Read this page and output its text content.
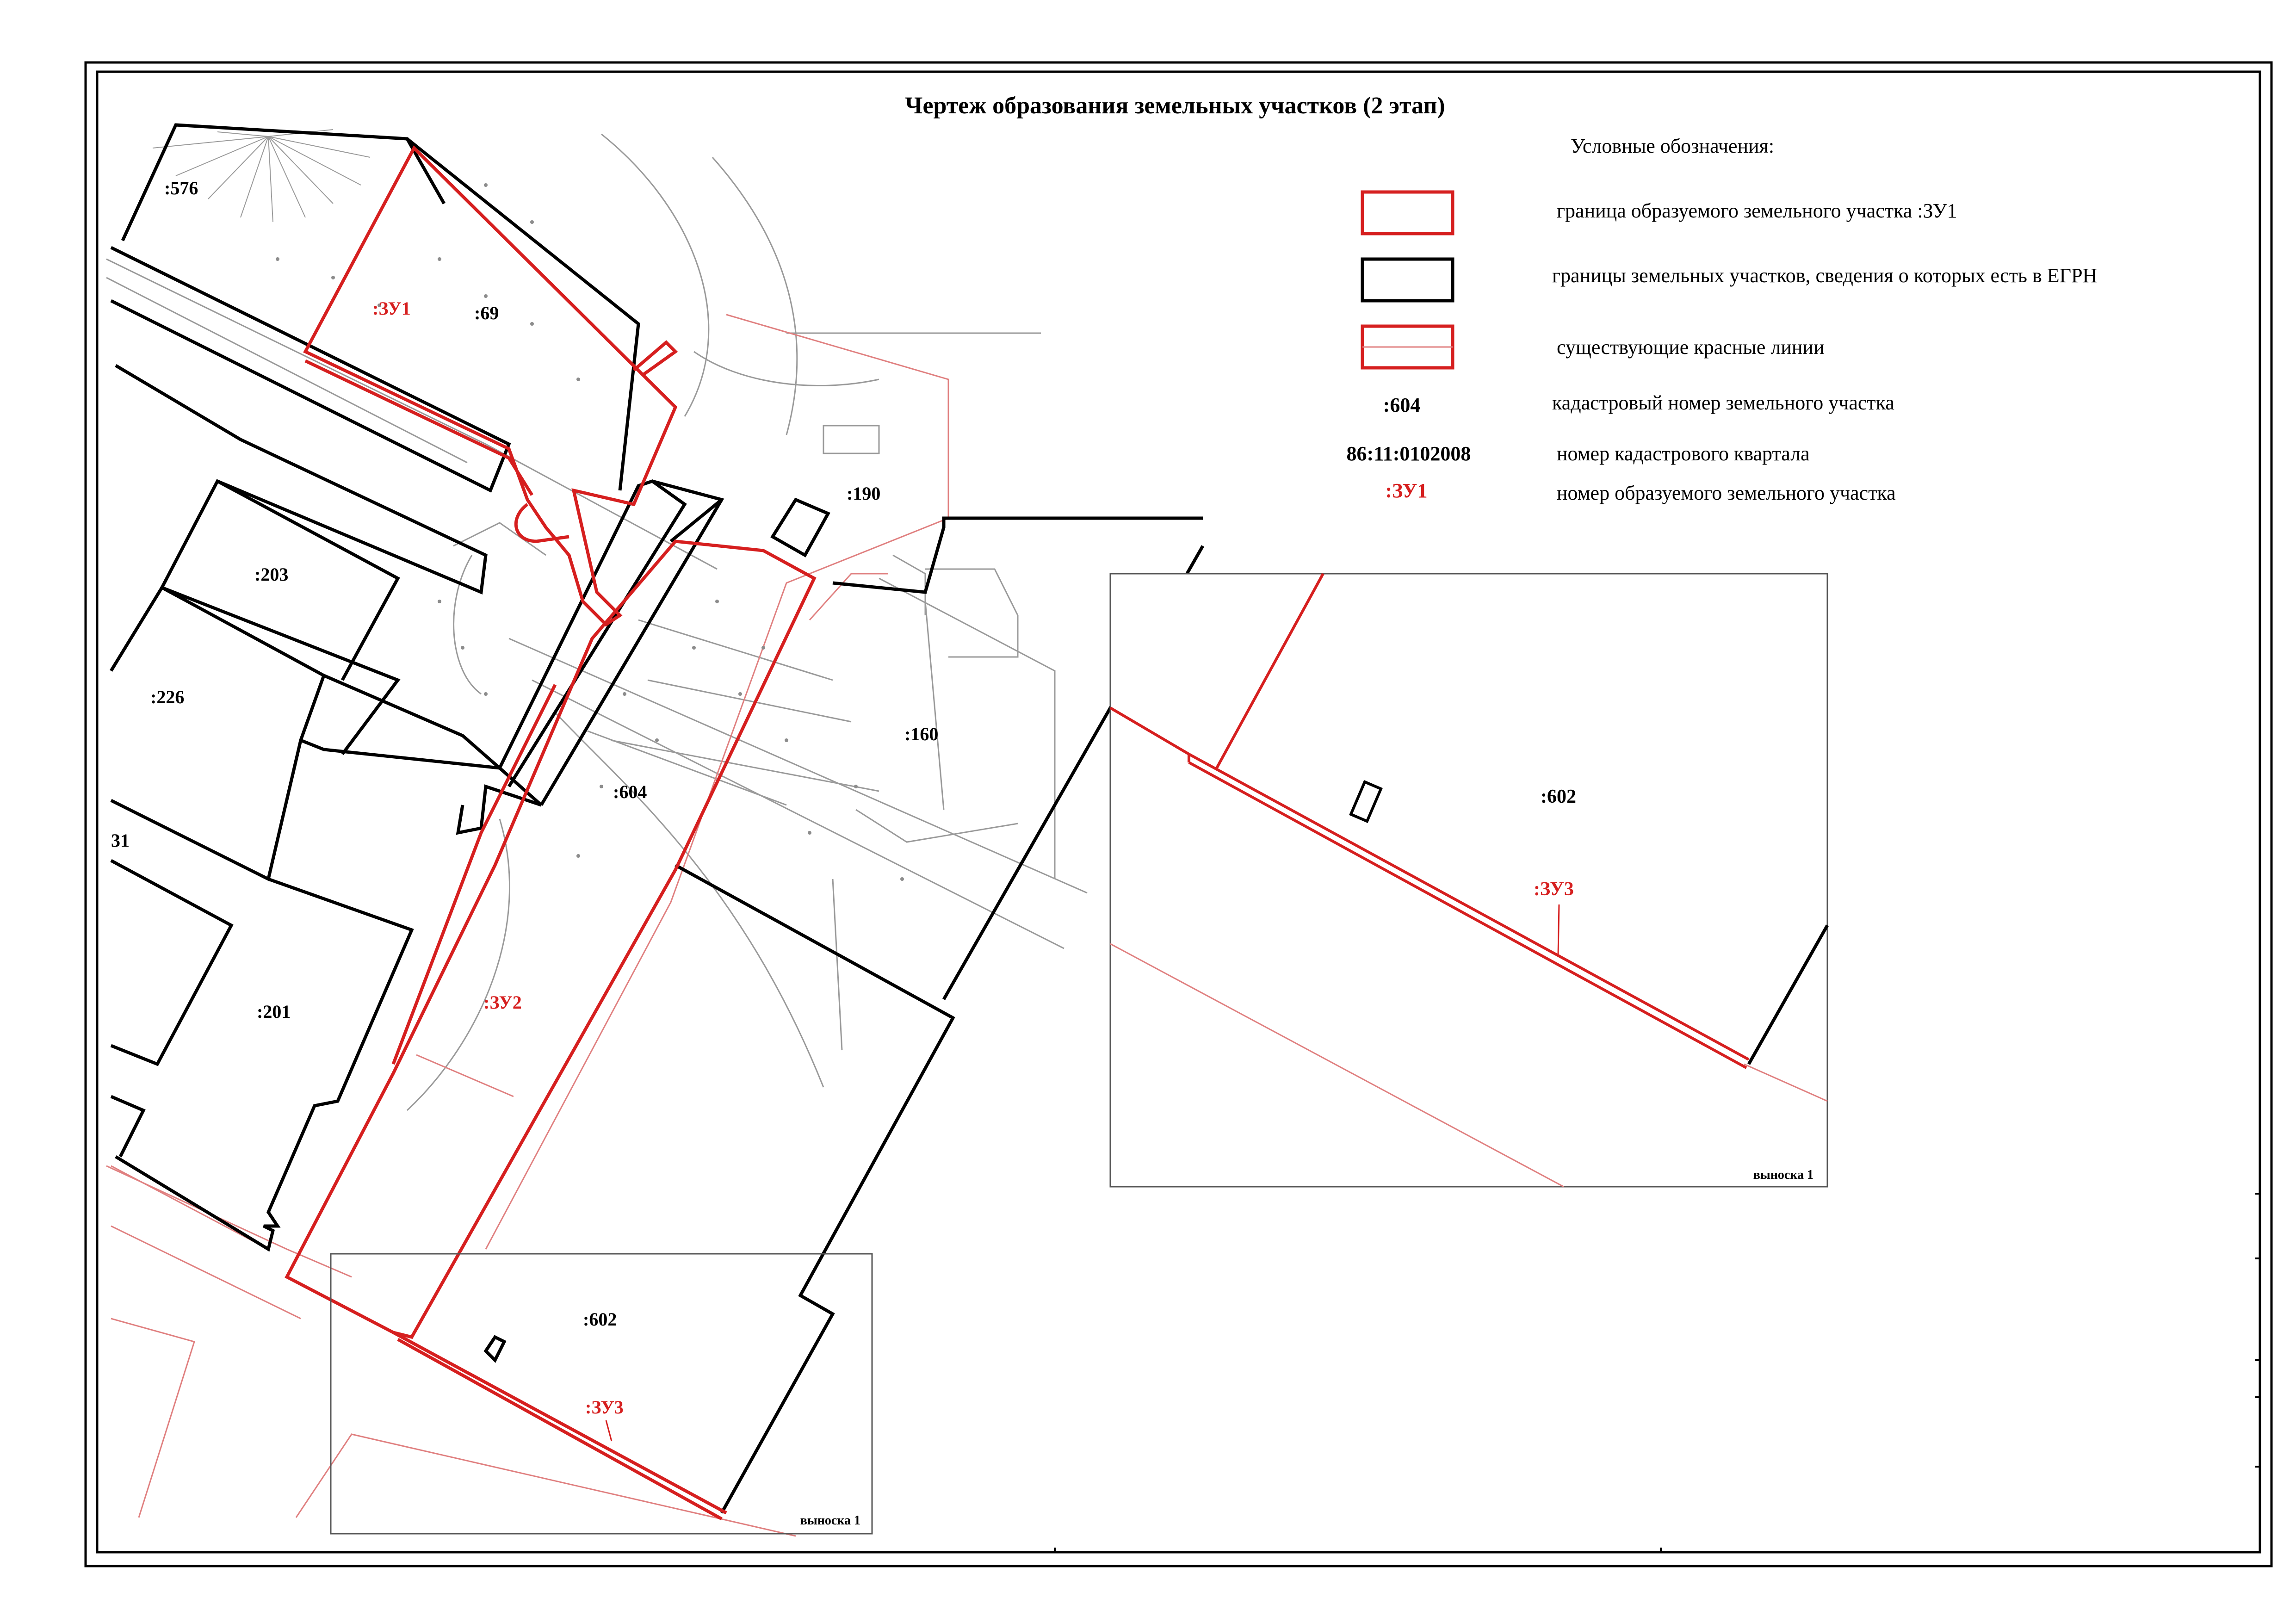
Чертеж образования земельных участков (2 этап)
выноска 1
:576
:69
:190
:203
:226
:160
:604
31
:201
:602
:ЗУ1
:ЗУ2
:ЗУ3
:602
:ЗУ3
выноска 1
Условные обозначения:
граница образуемого земельного участка :ЗУ1
границы земельных участков, сведения о которых есть в ЕГРН
существующие красные линии
:604	кадастровый номер земельного участка
86:11:0102008	номер кадастрового квартала
:ЗУ1	номер образуемого земельного участка
